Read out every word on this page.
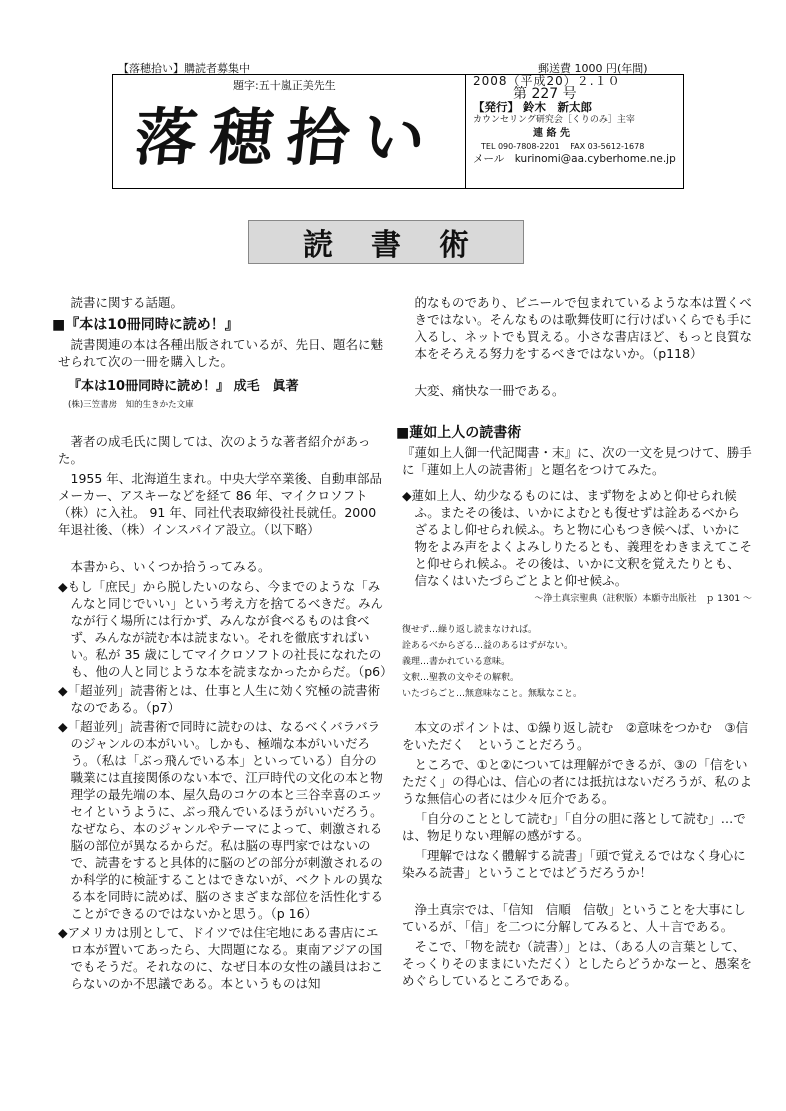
【落穂拾い】購読者募集中	郵送費 1000 円(年間)
題字:五十嵐正美先生
落穂拾い
2008（平成20）２.１０
第 227 号
【発行】 鈴木　新太郎
カウンセリング研究会［くりのみ］主宰
連 絡 先
TEL 090-7808-2201　 FAX 03-5612-1678
メール　kurinomi@aa.cyberhome.ne.jp
読書術

読書に関する話題。

■『本は10冊同時に読め！』

読書関連の本は各種出版されているが、先日、題名に魅せられて次の一冊を購入した。

『本は10冊同時に読め！』 成毛　眞著
(株)三笠書房　知的生きかた文庫

著者の成毛氏に関しては、次のような著者紹介があった。

1955 年、北海道生まれ。中央大学卒業後、自動車部品メーカー、アスキーなどを経て 86 年、マイクロソフト（株）に入社。 91 年、同社代表取締役社長就任。2000 年退社後、（株）インスパイア設立。（以下略）

本書から、いくつか拾うってみる。

◆もし「庶民」から脱したいのなら、今までのような「みんなと同じでいい」という考え方を捨てるべきだ。みんなが行く場所には行かず、みんなが食べるものは食べず、みんなが読む本は読まない。それを徹底すればいい。私が 35 歳にしてマイクロソフトの社長になれたのも、他の人と同じような本を読まなかったからだ。（p6）

◆「超並列」読書術とは、仕事と人生に効く究極の読書術なのである。（p7）

◆「超並列」読書術で同時に読むのは、なるべくバラバラのジャンルの本がいい。しかも、極端な本がいいだろう。（私は「ぶっ飛んでいる本」といっている）自分の職業には直接関係のない本で、江戸時代の文化の本と物理学の最先端の本、屋久島のコケの本と三谷幸喜のエッセイというように、ぶっ飛んでいるほうがいいだろう。なぜなら、本のジャンルやテーマによって、刺激される脳の部位が異なるからだ。私は脳の専門家ではないので、読書をすると具体的に脳のどの部分が刺激されるのか科学的に検証することはできないが、ベクトルの異なる本を同時に読めば、脳のさまざまな部位を活性化することができるのではないかと思う。（p 16）

◆アメリカは別として、ドイツでは住宅地にある書店にエロ本が置いてあったら、大問題になる。東南アジアの国でもそうだ。それなのに、なぜ日本の女性の議員はおこらないのか不思議である。本というものは知

的なものであり、ビニールで包まれているような本は置くべきではない。そんなものは歌舞伎町に行けばいくらでも手に入るし、ネットでも買える。小さな書店ほど、もっと良質な本をそろえる努力をするべきではないか。（p118）

大変、痛快な一冊である。

■蓮如上人の読書術

『蓮如上人御一代記聞書・末』に、次の一文を見つけて、勝手に「蓮如上人の読書術」と題名をつけてみた。

◆蓮如上人、幼少なるものには、まず物をよめと仰せられ候ふ。またその後は、いかによむとも復せずは詮あるべからざるよし仰せられ候ふ。ちと物に心もつき候へば、いかに物をよみ声をよくよみしりたるとも、義理をわきまえてこそと仰せられ候ふ。その後は、いかに文釈を覚えたりとも、信なくはいたづらごとよと仰せ候ふ。

～浄土真宗聖典（註釈版）本願寺出版社　ｐ 1301 ～

復せず…繰り返し読まなければ。

詮あるべからざる…益のあるはずがない。

義理…書かれている意味。

文釈…聖教の文やその解釈。

いたづらごと…無意味なこと。無駄なこと。

本文のポイントは、①繰り返し読む　②意味をつかむ　③信をいただく　ということだろう。

ところで、①と②については理解ができるが、③の「信をいただく」の得心は、信心の者には抵抗はないだろうが、私のような無信心の者には少々厄介である。

「自分のこととして読む」「自分の胆に落として読む」…では、物足りない理解の感がする。

「理解ではなく體解する読書」「頭で覚えるではなく身心に染みる読書」ということではどうだろうか！

浄土真宗では、「信知　信順　信敬」ということを大事にしているが、「信」を二つに分解してみると、人＋言である。

そこで、「物を読む（読書）」とは、（ある人の言葉として、そっくりそのままにいただく）としたらどうかなーと、愚案をめぐらしているところである。
